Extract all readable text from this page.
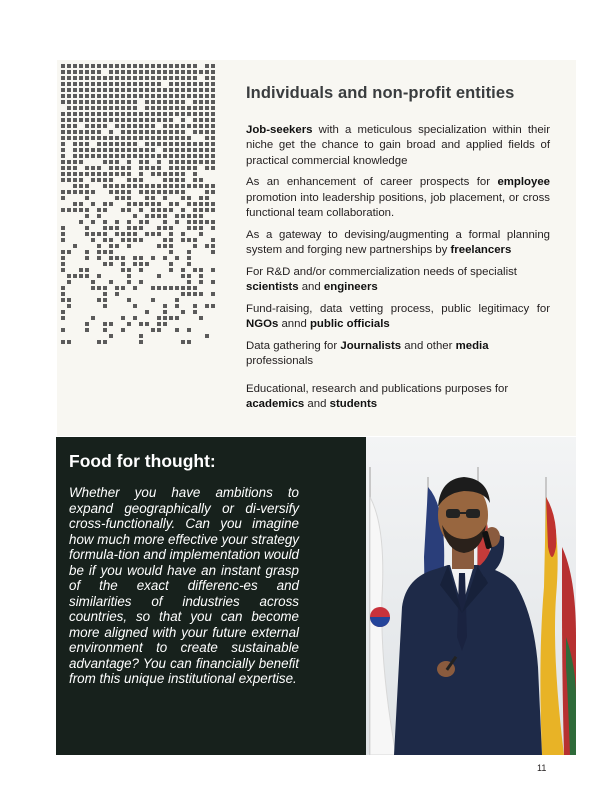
Individuals and non-profit entities

Job-seekers with a meticulous specialization within their niche get the chance to gain broad and applied fields of practical commercial knowledge

As an enhancement of career prospects for employee promotion into leadership positions, job placement, or cross functional team collaboration.

As a gateway to devising/augmenting a formal planning system and forging new partnerships by freelancers

For R&D and/or commercialization needs of specialist scientists and engineers

Fund-raising, data vetting process, public legitimacy for NGOs annd public officials

Data gathering for Journalists and other media professionals

Educational, research and publications purposes for academics and students

Food for thought:

Whether you have ambitions to expand geographically or di-versify cross-functionally. Can you imagine how much more effective your strategy formula-tion and implementation would be if you would have an instant grasp of the exact differenc-es and similarities of industries across countries, so that you can become more aligned with your future external environment to create sustainable advantage? You can financially benefit from this unique institutional expertise.

11
